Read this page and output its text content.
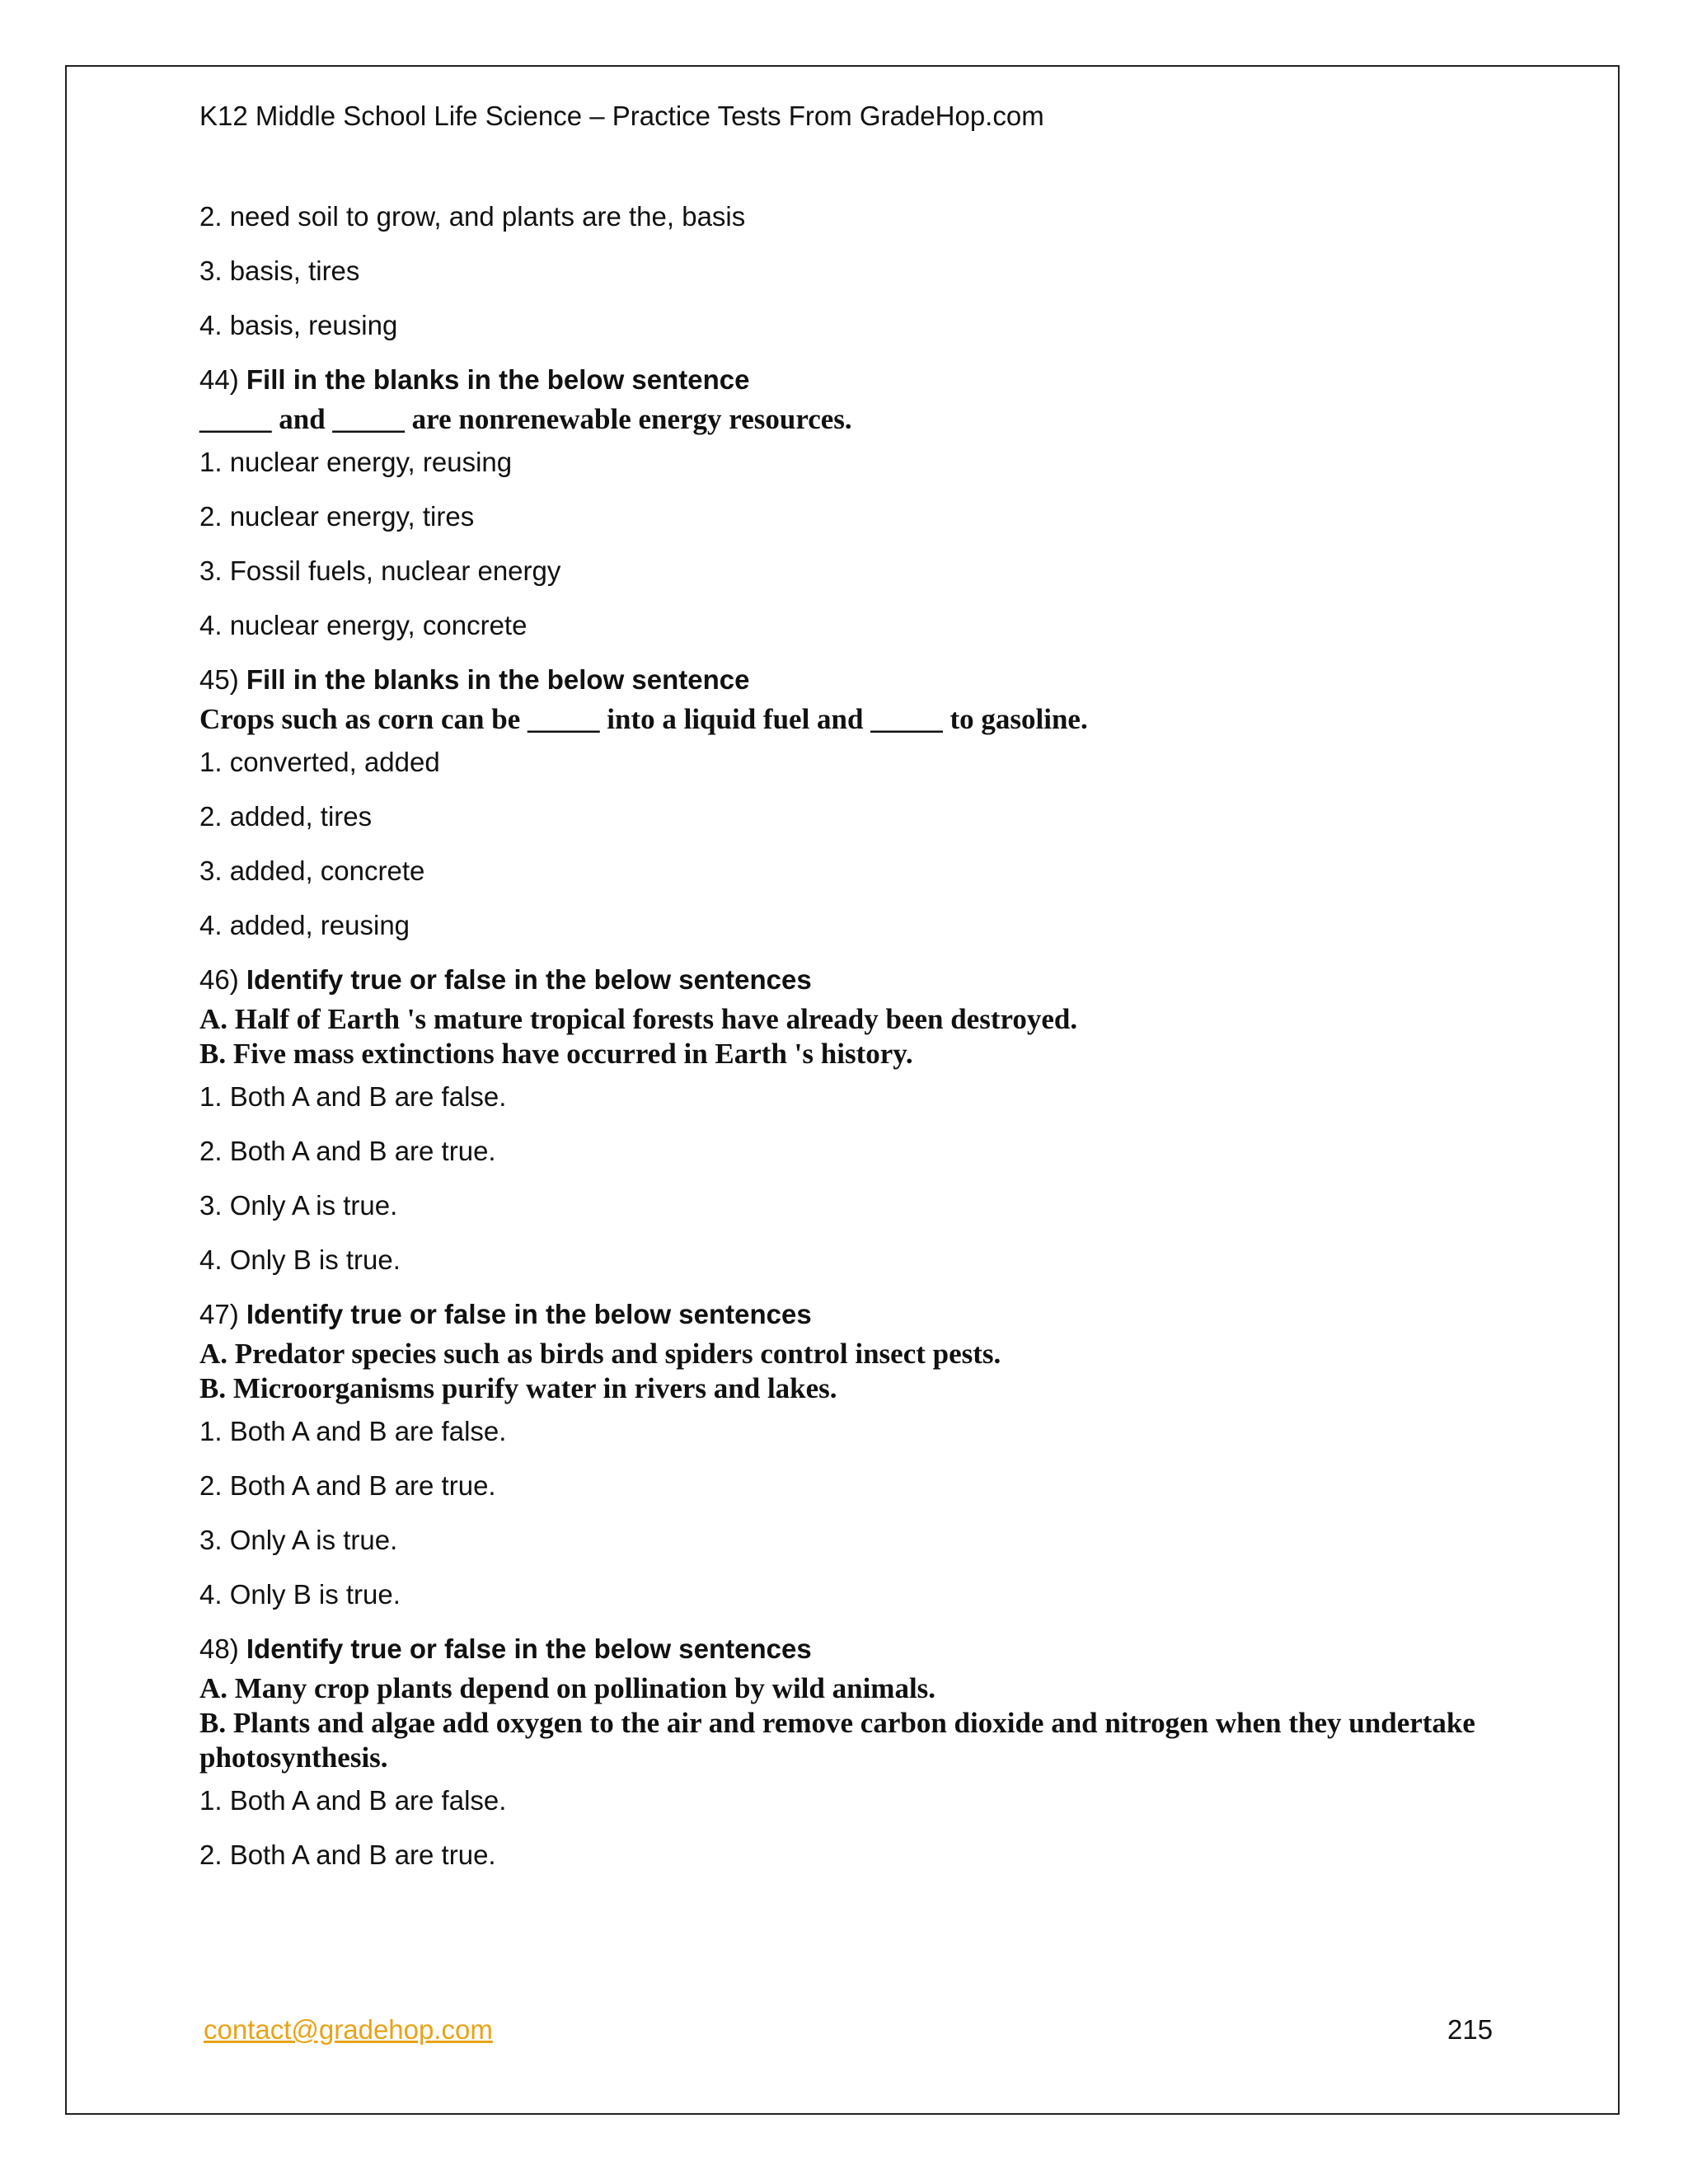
K12 Middle School Life Science – Practice Tests From GradeHop.com
2. need soil to grow, and plants are the, basis
3. basis, tires
4. basis, reusing
44) Fill in the blanks in the below sentence
_____ and _____ are nonrenewable energy resources.
1. nuclear energy, reusing
2. nuclear energy, tires
3. Fossil fuels, nuclear energy
4. nuclear energy, concrete
45) Fill in the blanks in the below sentence
Crops such as corn can be _____ into a liquid fuel and _____ to gasoline.
1. converted, added
2. added, tires
3. added, concrete
4. added, reusing
46) Identify true or false in the below sentences
A. Half of Earth 's mature tropical forests have already been destroyed.
B. Five mass extinctions have occurred in Earth 's history.
1. Both A and B are false.
2. Both A and B are true.
3. Only A is true.
4. Only B is true.
47) Identify true or false in the below sentences
A. Predator species such as birds and spiders control insect pests.
B. Microorganisms purify water in rivers and lakes.
1. Both A and B are false.
2. Both A and B are true.
3. Only A is true.
4. Only B is true.
48) Identify true or false in the below sentences
A. Many crop plants depend on pollination by wild animals.
B. Plants and algae add oxygen to the air and remove carbon dioxide and nitrogen when they undertake photosynthesis.
1. Both A and B are false.
2. Both A and B are true.
contact@gradehop.com	215
